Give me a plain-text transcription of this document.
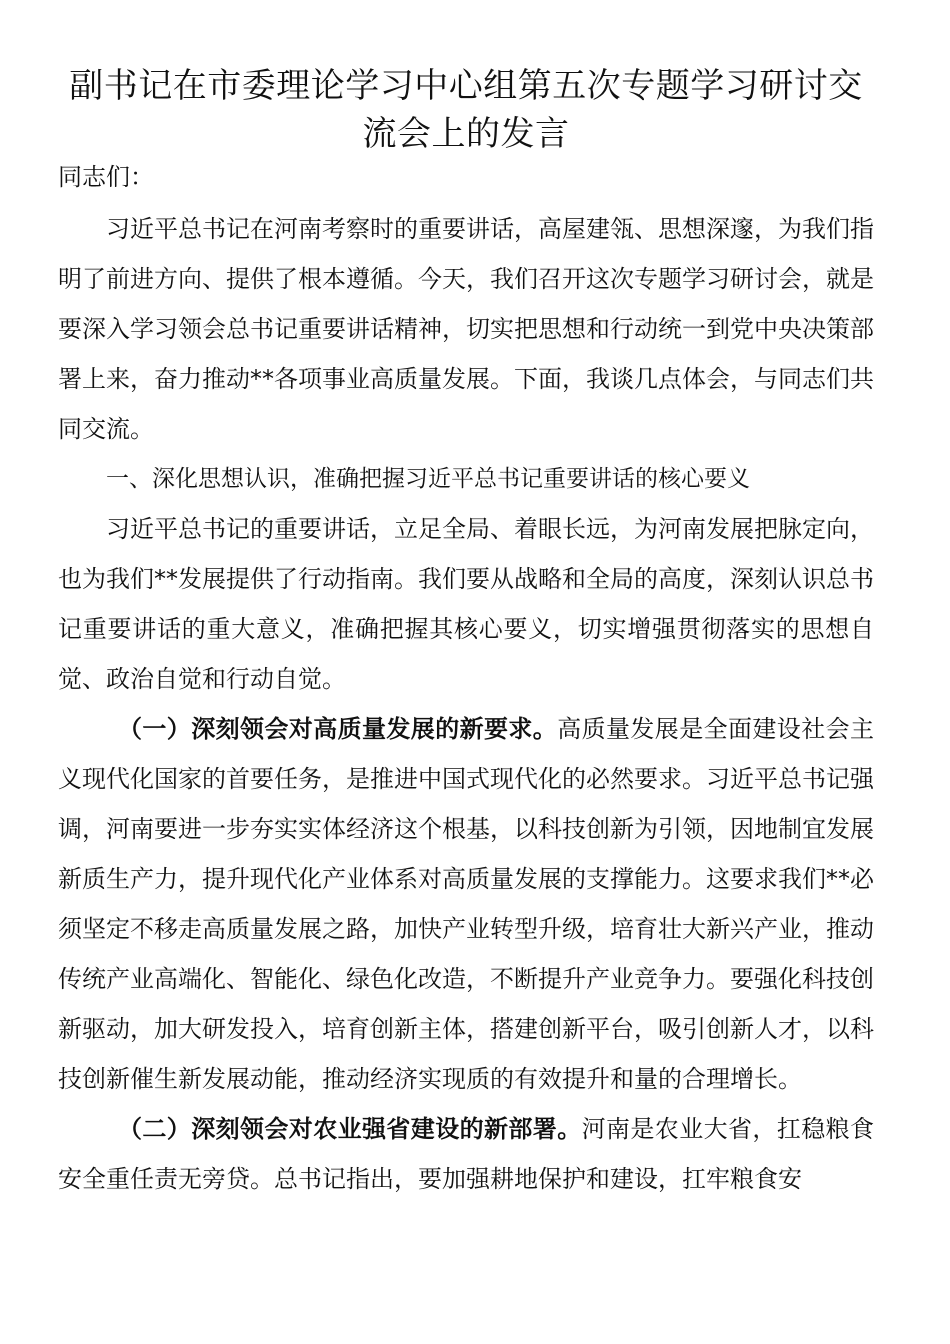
副书记在市委理论学习中心组第五次专题学习研讨交
流会上的发言

同志们：

习近平总书记在河南考察时的重要讲话，高屋建瓴、思想深邃，为我们指明了前进方向、提供了根本遵循。今天，我们召开这次专题学习研讨会，就是要深入学习领会总书记重要讲话精神，切实把思想和行动统一到党中央决策部署上来，奋力推动**各项事业高质量发展。下面，我谈几点体会，与同志们共同交流。

一、深化思想认识，准确把握习近平总书记重要讲话的核心要义

习近平总书记的重要讲话，立足全局、着眼长远，为河南发展把脉定向，也为我们**发展提供了行动指南。我们要从战略和全局的高度，深刻认识总书记重要讲话的重大意义，准确把握其核心要义，切实增强贯彻落实的思想自觉、政治自觉和行动自觉。

（一）深刻领会对高质量发展的新要求。高质量发展是全面建设社会主义现代化国家的首要任务，是推进中国式现代化的必然要求。习近平总书记强调，河南要进一步夯实实体经济这个根基，以科技创新为引领，因地制宜发展新质生产力，提升现代化产业体系对高质量发展的支撑能力。这要求我们**必须坚定不移走高质量发展之路，加快产业转型升级，培育壮大新兴产业，推动传统产业高端化、智能化、绿色化改造，不断提升产业竞争力。要强化科技创新驱动，加大研发投入，培育创新主体，搭建创新平台，吸引创新人才，以科技创新催生新发展动能，推动经济实现质的有效提升和量的合理增长。

（二）深刻领会对农业强省建设的新部署。河南是农业大省，扛稳粮食安全重任责无旁贷。总书记指出，要加强耕地保护和建设，扛牢粮食安
